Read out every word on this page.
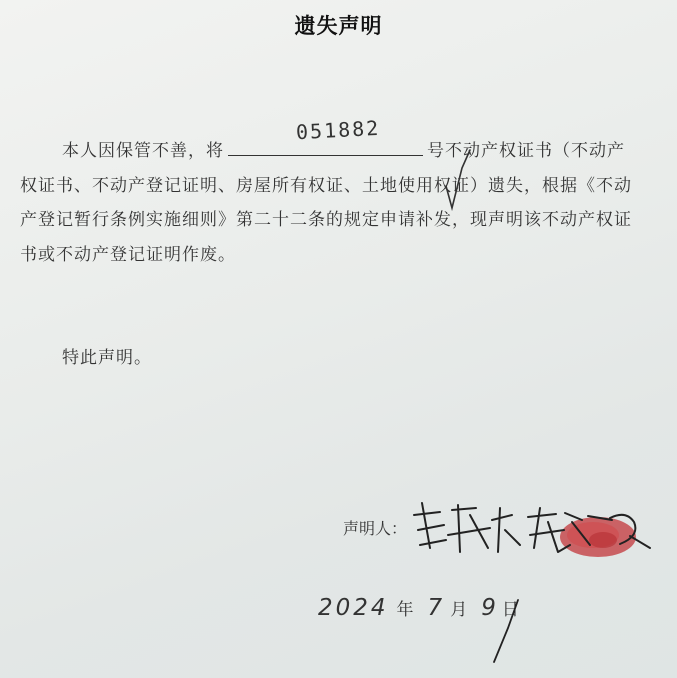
遗失声明
本人因保管不善，将
051882
号不动产权证书（不动产权证书、不动产登记证明、房屋所有权证、土地使用权证）遗失，根据《不动产登记暂行条例实施细则》第二十二条的规定申请补发，现声明该不动产权证书或不动产登记证明作废。
特此声明。
声明人：
2024 年 7 月 9 日
